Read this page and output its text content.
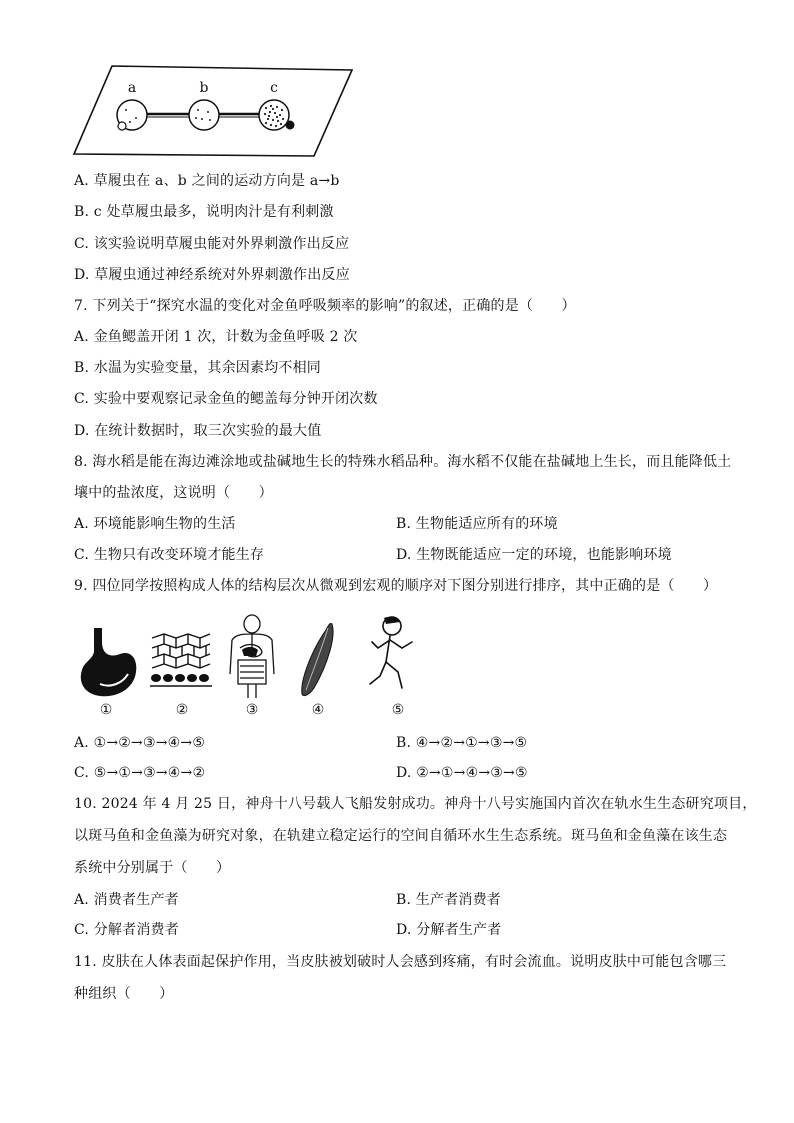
a	b	c
A. 草履虫在 a、b 之间的运动方向是 a→b
B. c 处草履虫最多，说明肉汁是有利刺激
C. 该实验说明草履虫能对外界刺激作出反应
D. 草履虫通过神经系统对外界刺激作出反应
7. 下列关于“探究水温的变化对金鱼呼吸频率的影响”的叙述，正确的是（　　）
A. 金鱼鳃盖开闭 1 次，计数为金鱼呼吸 2 次
B. 水温为实验变量，其余因素均不相同
C. 实验中要观察记录金鱼的鳃盖每分钟开闭次数
D. 在统计数据时，取三次实验的最大值
8. 海水稻是能在海边滩涂地或盐碱地生长的特殊水稻品种。海水稻不仅能在盐碱地上生长，而且能降低土
壤中的盐浓度，这说明（　　）
A. 环境能影响生物的生活	B. 生物能适应所有的环境
C. 生物只有改变环境才能生存	D. 生物既能适应一定的环境，也能影响环境
9. 四位同学按照构成人体的结构层次从微观到宏观的顺序对下图分别进行排序，其中正确的是（　　）
①	②	③	④	⑤
A. ①→②→③→④→⑤	B. ④→②→①→③→⑤
C. ⑤→①→③→④→②	D. ②→①→④→③→⑤
10. 2024 年 4 月 25 日，神舟十八号载人飞船发射成功。神舟十八号实施国内首次在轨水生生态研究项目，
以斑马鱼和金鱼藻为研究对象，在轨建立稳定运行的空间自循环水生生态系统。斑马鱼和金鱼藻在该生态
系统中分别属于（　　）
A. 消费者生产者	B. 生产者消费者
C. 分解者消费者	D. 分解者生产者
11. 皮肤在人体表面起保护作用，当皮肤被划破时人会感到疼痛，有时会流血。说明皮肤中可能包含哪三
种组织（　　）
